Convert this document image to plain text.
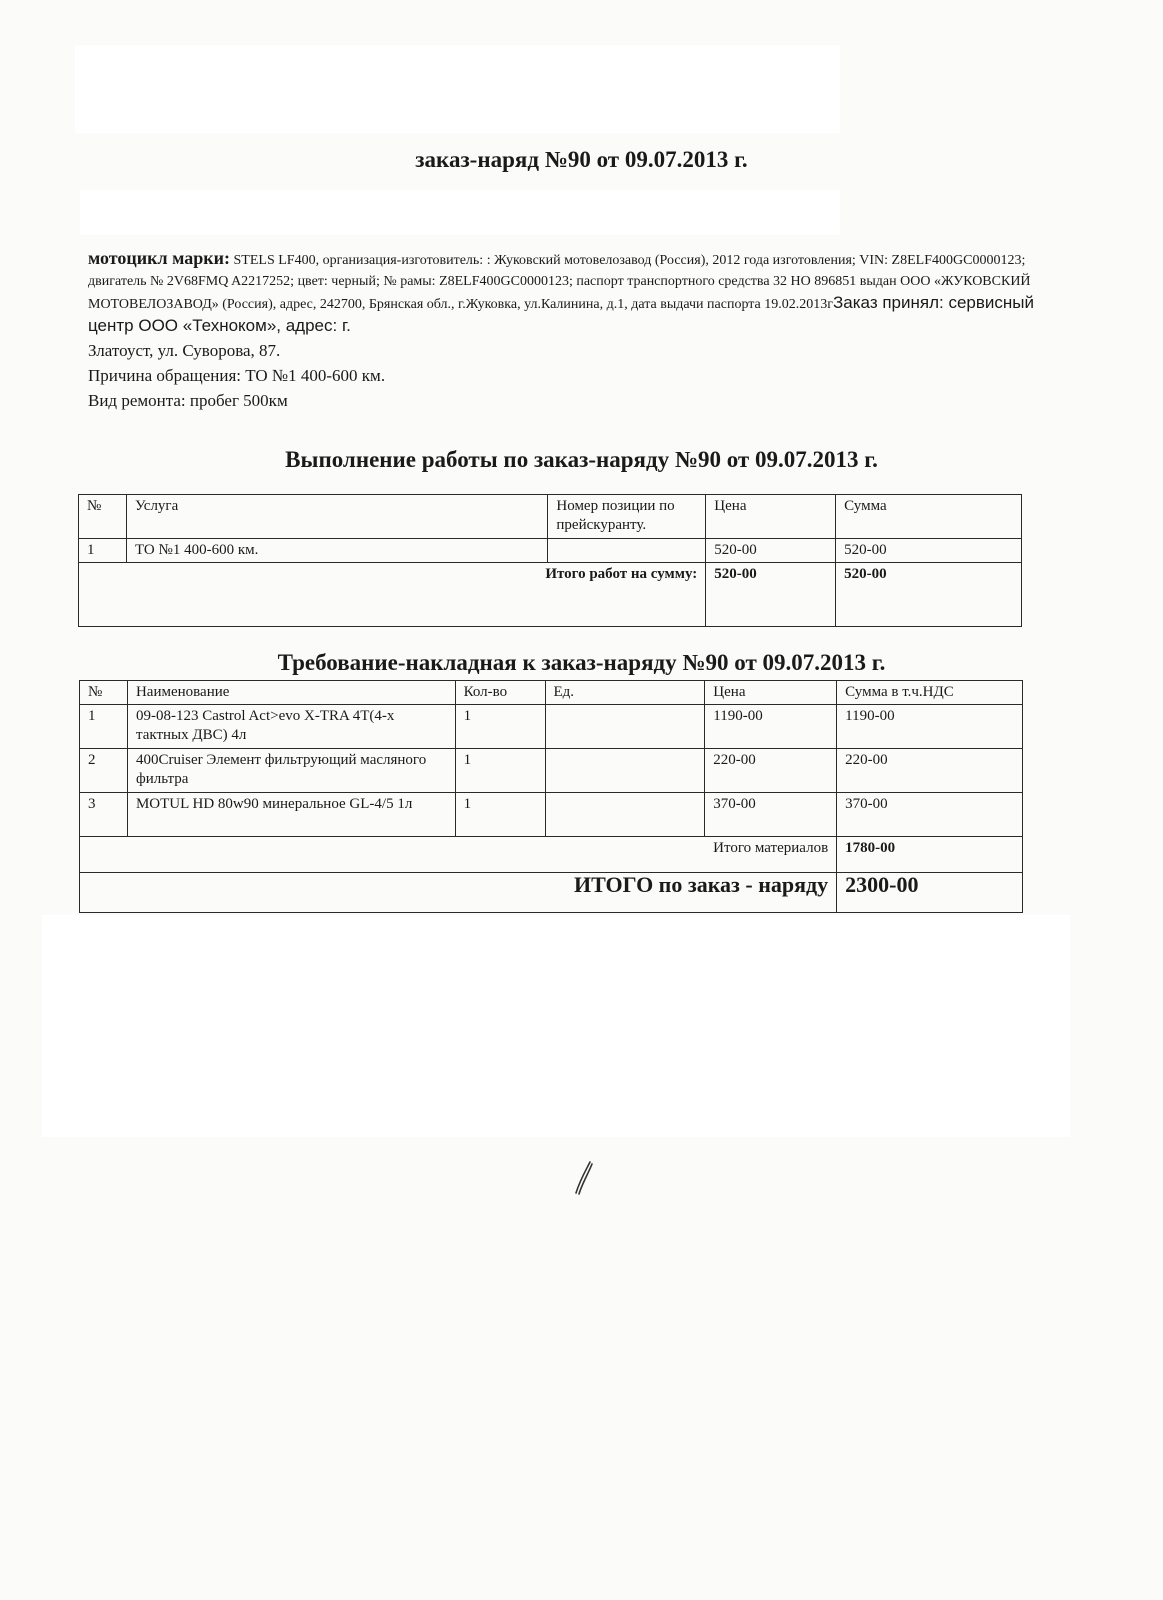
заказ-наряд №90 от 09.07.2013 г.
мотоцикл марки: STELS LF400, организация-изготовитель: : Жуковский мотовелозавод (Россия), 2012 года изготовления; VIN: Z8ELF400GC0000123; двигатель № 2V68FMQ A2217252; цвет: черный; № рамы: Z8ELF400GC0000123; паспорт транспортного средства 32 НО 896851 выдан ООО «ЖУКОВСКИЙ МОТОВЕЛОЗАВОД» (Россия), адрес, 242700, Брянская обл., г.Жуковка, ул.Калинина, д.1, дата выдачи паспорта 19.02.2013гЗаказ принял: сервисный центр ООО «Техноком», адрес: г.
Златоуст, ул. Суворова, 87.
Причина обращения: ТО №1 400-600 км.
Вид ремонта: пробег 500км
Выполнение работы по заказ-наряду №90 от 09.07.2013 г.
№	Услуга	Номер позиции по прейскуранту.	Цена	Сумма
1	ТО №1 400-600 км.		520-00	520-00
Итого работ на сумму:			520-00	520-00
Требование-накладная к заказ-наряду №90 от 09.07.2013 г.
№	Наименование	Кол-во	Ед.	Цена	Сумма в т.ч.НДС
1	09-08-123 Castrol Act>evo X-TRA 4T(4-х тактных ДВС) 4л	1		1190-00	1190-00
2	400Cruiser Элемент фильтрующий масляного фильтра	1		220-00	220-00
3	MOTUL HD 80w90 минеральное GL-4/5 1л	1		370-00	370-00
Итого материалов					1780-00
ИТОГО по заказ - наряду					2300-00
